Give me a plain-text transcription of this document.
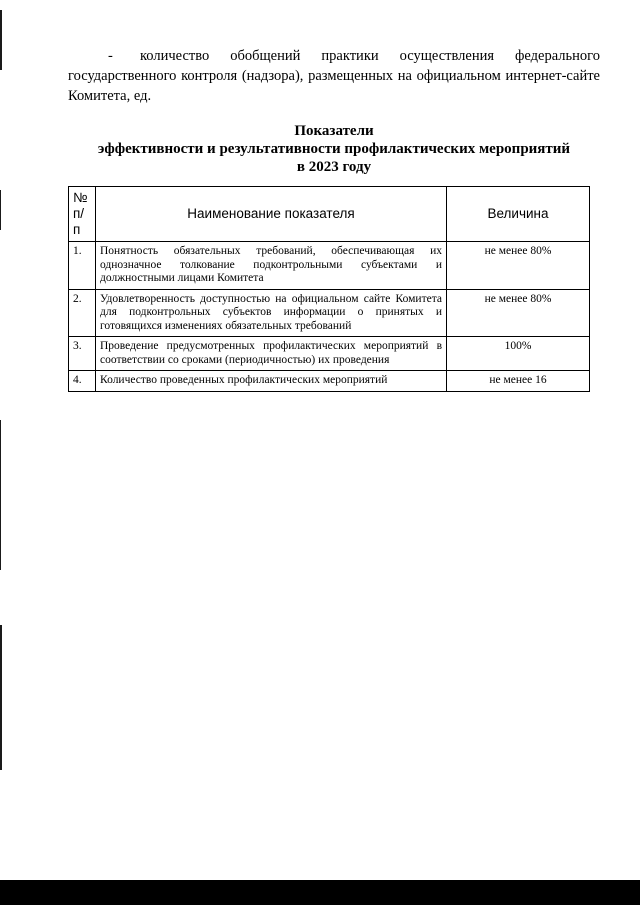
- количество обобщений практики осуществления федерального государственного контроля (надзора), размещенных на официальном интернет-сайте Комитета, ед.

Показатели
эффективности и результативности профилактических мероприятий
в 2023 году
№ п/п	Наименование показателя	Величина
1.	Понятность обязательных требований, обеспечивающая их однозначное толкование подконтрольными субъектами и должностными лицами Комитета	не менее 80%
2.	Удовлетворенность доступностью на официальном сайте Комитета для подконтрольных субъектов информации о принятых и готовящихся изменениях обязательных требований	не менее 80%
3.	Проведение предусмотренных профилактических мероприятий в соответствии со сроками (периодичностью) их проведения	100%
4.	Количество проведенных профилактических мероприятий	не менее 16
